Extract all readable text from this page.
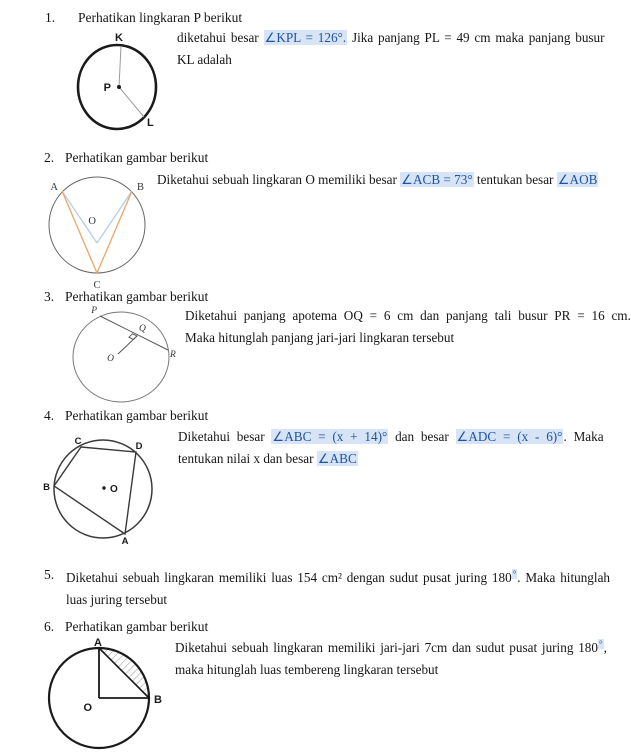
1. Perhatikan lingkaran P berikut
K
P
L
diketahui besar ∠KPL = 126°. Jika panjang PL = 49 cm maka panjang busur
KL adalah
2. Perhatikan gambar berikut
Diketahui sebuah lingkaran O memiliki besar ∠ACB = 73° tentukan besar ∠AOB
A	B
O
C
3. Perhatikan gambar berikut
P
Q
O	R
Diketahui panjang apotema OQ = 6 cm dan panjang tali busur PR = 16 cm.
Maka hitunglah panjang jari-jari lingkaran tersebut
4. Perhatikan gambar berikut
Diketahui besar ∠ABC = (x + 14)° dan besar ∠ADC = (x - 6)°. Maka
tentukan nilai x dan besar ∠ABC
C	D
B
A
O
5. Diketahui sebuah lingkaran memiliki luas 154 cm² dengan sudut pusat juring 180°. Maka hitunglah
luas juring tersebut
6. Perhatikan gambar berikut
Diketahui sebuah lingkaran memiliki jari-jari 7cm dan sudut pusat juring 180°,
maka hitunglah luas tembereng lingkaran tersebut
A
O
B
